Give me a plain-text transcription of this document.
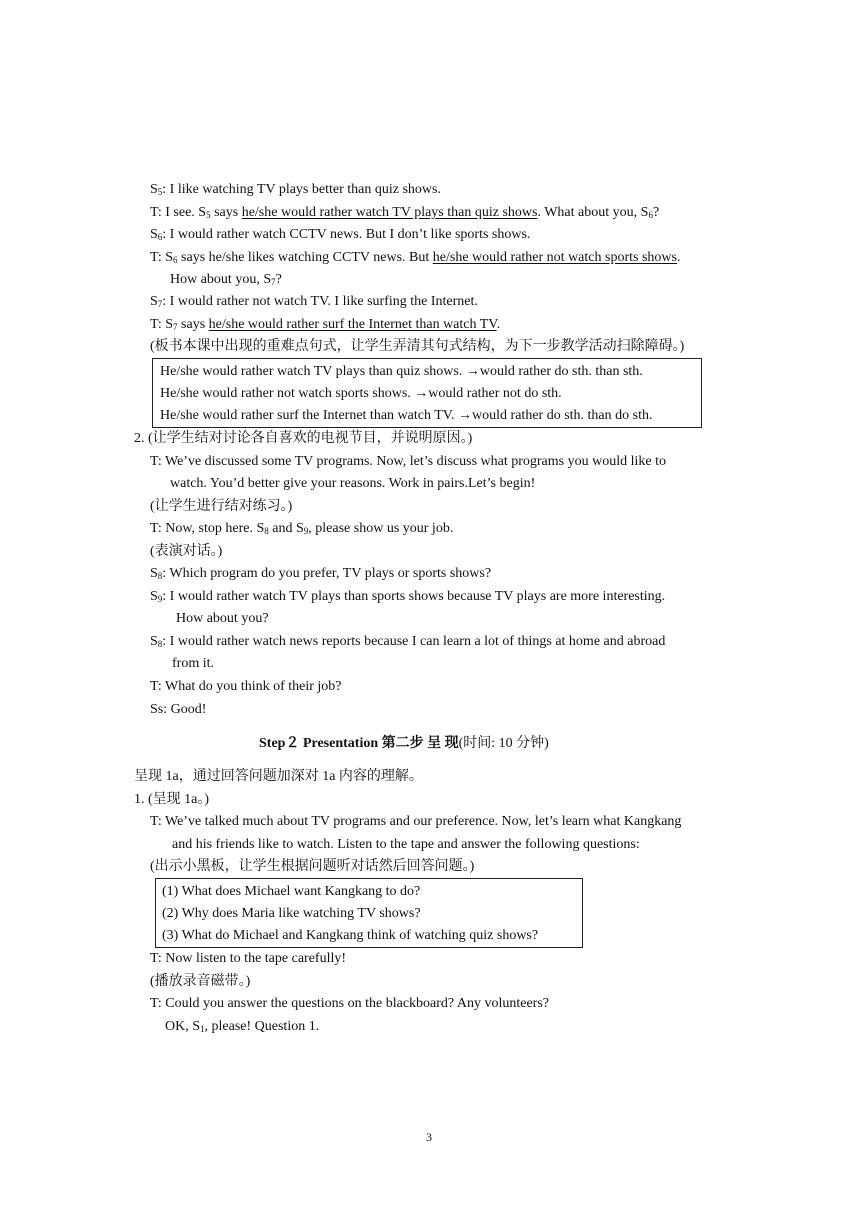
$S_5$: I like watching TV plays better than quiz shows.
T: I see. $S_5$ says he/she would rather watch TV plays than quiz shows. What about you, $S_6$?
$S_6$: I would rather watch CCTV news. But I don’t like sports shows.
T: $S_6$ says he/she likes watching CCTV news. But he/she would rather not watch sports shows.
How about you, $S_7$?
$S_7$: I would rather not watch TV. I like surfing the Internet.
T: $S_7$ says he/she would rather surf the Internet than watch TV.
(板书本课中出现的重难点句式，让学生弄清其句式结构，为下一步教学活动扫除障碍。)
He/she would rather watch TV plays than quiz shows. →would rather do sth. than sth.
He/she would rather not watch sports shows. →would rather not do sth.
He/she would rather surf the Internet than watch TV. →would rather do sth. than do sth.
2. (让学生结对讨论各自喜欢的电视节目，并说明原因。)
T: We’ve discussed some TV programs. Now, let’s discuss what programs you would like to
watch. You’d better give your reasons. Work in pairs.Let’s begin!
(让学生进行结对练习。)
T: Now, stop here. $S_8$ and $S_9$, please show us your job.
(表演对话。)
$S_8$: Which program do you prefer, TV plays or sports shows?
$S_9$: I would rather watch TV plays than sports shows because TV plays are more interesting.
How about you?
$S_8$: I would rather watch news reports because I can learn a lot of things at home and abroad
from it.
T: What do you think of their job?
Ss: Good!
Step２ Presentation 第二步 呈 现(时间: 10 分钟)
呈现 1a，通过回答问题加深对 1a 内容的理解。
1. (呈现 1a。)
T: We’ve talked much about TV programs and our preference. Now, let’s learn what Kangkang
and his friends like to watch. Listen to the tape and answer the following questions:
(出示小黑板，让学生根据问题听对话然后回答问题。)
(1) What does Michael want Kangkang to do?
(2) Why does Maria like watching TV shows?
(3) What do Michael and Kangkang think of watching quiz shows?
T: Now listen to the tape carefully!
(播放录音磁带。)
T: Could you answer the questions on the blackboard? Any volunteers?
OK, $S_1$, please! Question 1.
3
